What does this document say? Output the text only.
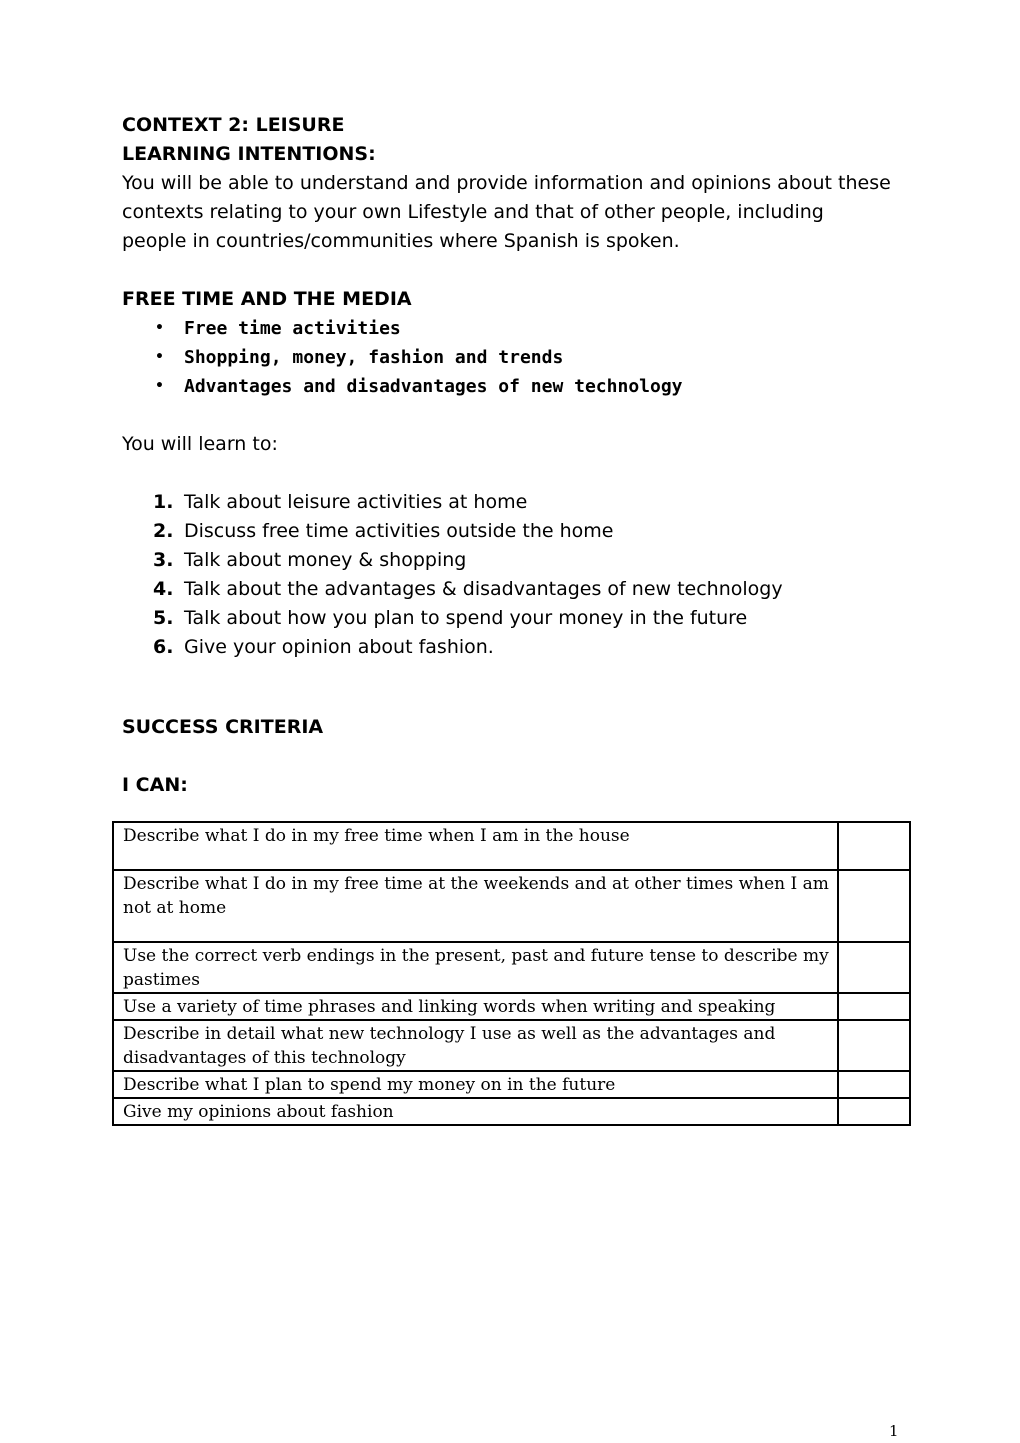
CONTEXT 2: LEISURE
LEARNING INTENTIONS:
You will be able to understand and provide information and opinions about these
contexts relating to your own Lifestyle and that of other people, including
people in countries/communities where Spanish is spoken.
FREE TIME AND THE MEDIA
• Free time activities
• Shopping, money, fashion and trends
• Advantages and disadvantages of new technology
You will learn to:
1. Talk about leisure activities at home
2. Discuss free time activities outside the home
3. Talk about money & shopping
4. Talk about the advantages & disadvantages of new technology
5. Talk about how you plan to spend your money in the future
6. Give your opinion about fashion.
SUCCESS CRITERIA
I CAN:
Describe what I do in my free time when I am in the house	

Describe what I do in my free time at the weekends and at other times when I am
not at home	

Use the correct verb endings in the present, past and future tense to describe my
pastimes	

Use a variety of time phrases and linking words when writing and speaking	

Describe in detail what new technology I use as well as the advantages and
disadvantages of this technology	

Describe what I plan to spend my money on in the future	

Give my opinions about fashion	

1
